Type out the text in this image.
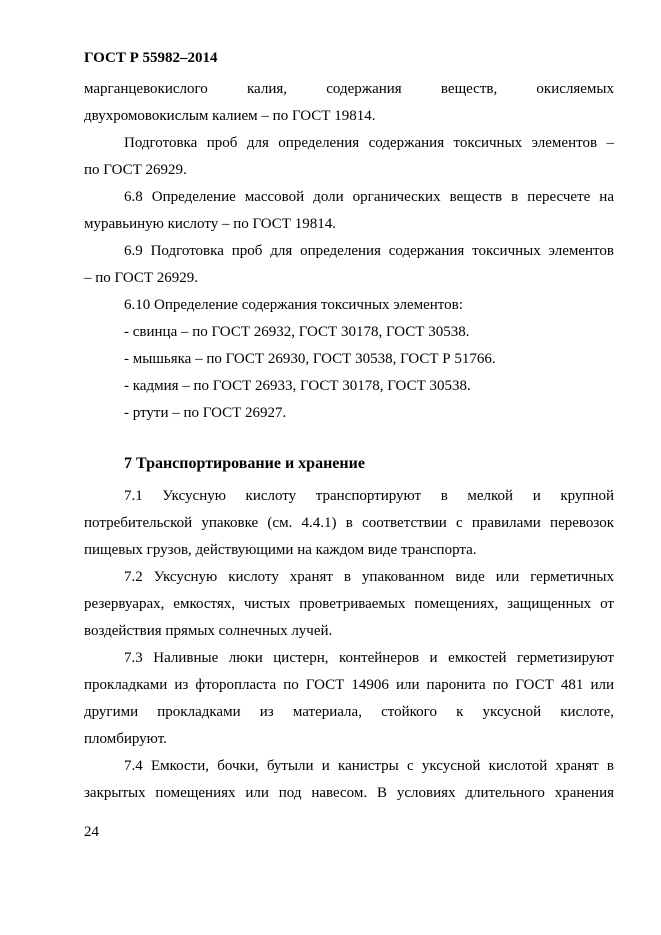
ГОСТ Р 55982–2014
марганцевокислого калия, содержания веществ, окисляемых
двухромовокислым калием – по ГОСТ 19814.
Подготовка проб для определения содержания токсичных элементов –
по ГОСТ 26929.
6.8 Определение массовой доли органических веществ в пересчете на
муравьиную кислоту – по ГОСТ 19814.
6.9 Подготовка проб для определения содержания токсичных элементов
– по ГОСТ 26929.
6.10 Определение содержания токсичных элементов:
- свинца – по ГОСТ 26932, ГОСТ 30178, ГОСТ 30538.
- мышьяка – по ГОСТ 26930, ГОСТ 30538, ГОСТ Р 51766.
- кадмия – по ГОСТ 26933, ГОСТ 30178, ГОСТ 30538.
- ртути – по ГОСТ 26927.
7 Транспортирование и хранение
7.1 Уксусную кислоту транспортируют в мелкой и крупной
потребительской упаковке (см. 4.4.1) в соответствии с правилами перевозок
пищевых грузов, действующими на каждом виде транспорта.
7.2 Уксусную кислоту хранят в упакованном виде или герметичных
резервуарах, емкостях, чистых проветриваемых помещениях, защищенных от
воздействия прямых солнечных лучей.
7.3 Наливные люки цистерн, контейнеров и емкостей герметизируют
прокладками из фторопласта по ГОСТ 14906 или паронита по ГОСТ 481 или
другими прокладками из материала, стойкого к уксусной кислоте,
пломбируют.
7.4 Емкости, бочки, бутыли и канистры с уксусной кислотой хранят в
закрытых помещениях или под навесом. В условиях длительного хранения
24
